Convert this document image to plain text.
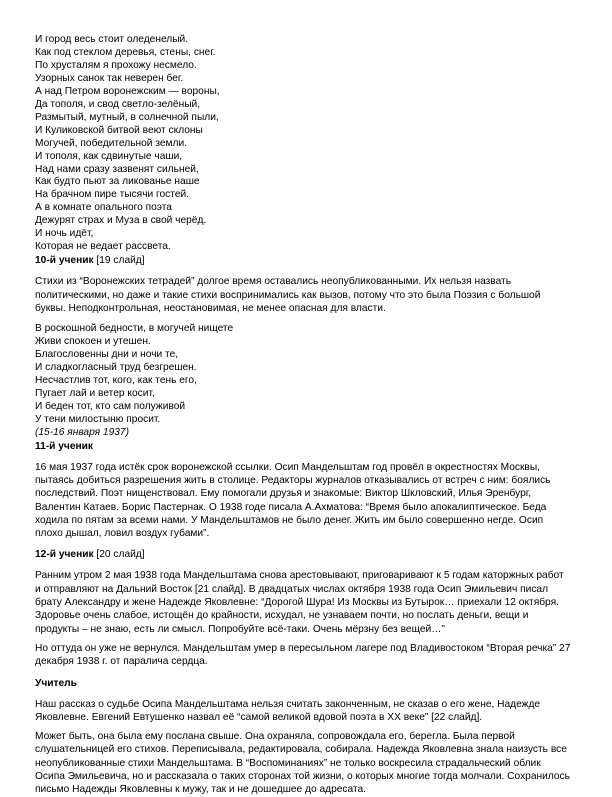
И город весь стоит оледенелый.
Как под стеклом деревья, стены, снег.
По хрусталям я прохожу несмело.
Узорных санок так неверен бег.
А над Петром воронежским — вороны,
Да тополя, и свод светло-зелёный,
Размытый, мутный, в солнечной пыли,
И Куликовской битвой веют склоны
Могучей, победительной земли.
И тополя, как сдвинутые чаши,
Над нами сразу зазвенят сильней,
Как будто пьют за ликованье наше
На брачном пире тысячи гостей.
А в комнате опального поэта
Дежурят страх и Муза в свой черёд.
И ночь идёт,
Которая не ведает рассвета.
10-й ученик [19 слайд]

Стихи из “Воронежских тетрадей” долгое время оставались неопубликованными. Их нельзя назвать политическими, но даже и такие стихи воспринимались как вызов, потому что это была Поэзия с большой буквы. Неподконтрольная, неостановимая, не менее опасная для власти.

В роскошной бедности, в могучей нищете
Живи спокоен и утешен.
Благословенны дни и ночи те,
И сладкогласный труд безгрешен.
Несчастлив тот, кого, как тень его,
Пугает лай и ветер косит,
И беден тот, кто сам полуживой
У тени милостыню просит.
(15-16 января 1937)
11-й ученик

16 мая 1937 года истёк срок воронежской ссылки. Осип Мандельштам год провёл в окрестностях Москвы, пытаясь добиться разрешения жить в столице. Редакторы журналов отказывались от встреч с ним: боялись последствий. Поэт нищенствовал. Ему помогали друзья и знакомые: Виктор Шкловский, Илья Эренбург, Валентин Катаев. Борис Пастернак. О 1938 годе писала А.Ахматова: “Время было апокалиптическое. Беда ходила по пятам за всеми нами. У Мандельштамов не было денег. Жить им было совершенно негде. Осип плохо дышал, ловил воздух губами”.

12-й ученик [20 слайд]

Ранним утром 2 мая 1938 года Мандельштама снова арестовывают, приговаривают к 5 годам каторжных работ и отправляют на Дальний Восток [21 слайд]. В двадцатых числах октября 1938 года Осип Эмильевич писал брату Александру и жене Надежде Яковлевне: “Дорогой Шура! Из Москвы из Бутырок… приехали 12 октября. Здоровье очень слабое, истощён до крайности, исхудал, не узнаваем почти, но послать деньги, вещи и продукты – не знаю, есть ли смысл. Попробуйте всё-таки. Очень мёрзну без вещей…”

Но оттуда он уже не вернулся. Мандельштам умер в пересыльном лагере под Владивостоком “Вторая речка” 27 декабря 1938 г. от паралича сердца.

Учитель

Наш рассказ о судьбе Осипа Мандельштама нельзя считать законченным, не сказав о его жене, Надежде Яковлевне. Евгений Евтушенко назвал её “самой великой вдовой поэта в XX веке” [22 слайд].

Может быть, она была ему послана свыше. Она охраняла, сопровождала его, берегла. Была первой слушательницей его стихов. Переписывала, редактировала, собирала. Надежда Яковлевна знала наизусть все неопубликованные стихи Мандельштама. В “Воспоминаниях” не только воскресила страдальческий облик Осипа Эмильевича, но и рассказала о таких сторонах той жизни, о которых многие тогда молчали. Сохранилось письмо Надежды Яковлевны к мужу, так и не дошедшее до адресата.
